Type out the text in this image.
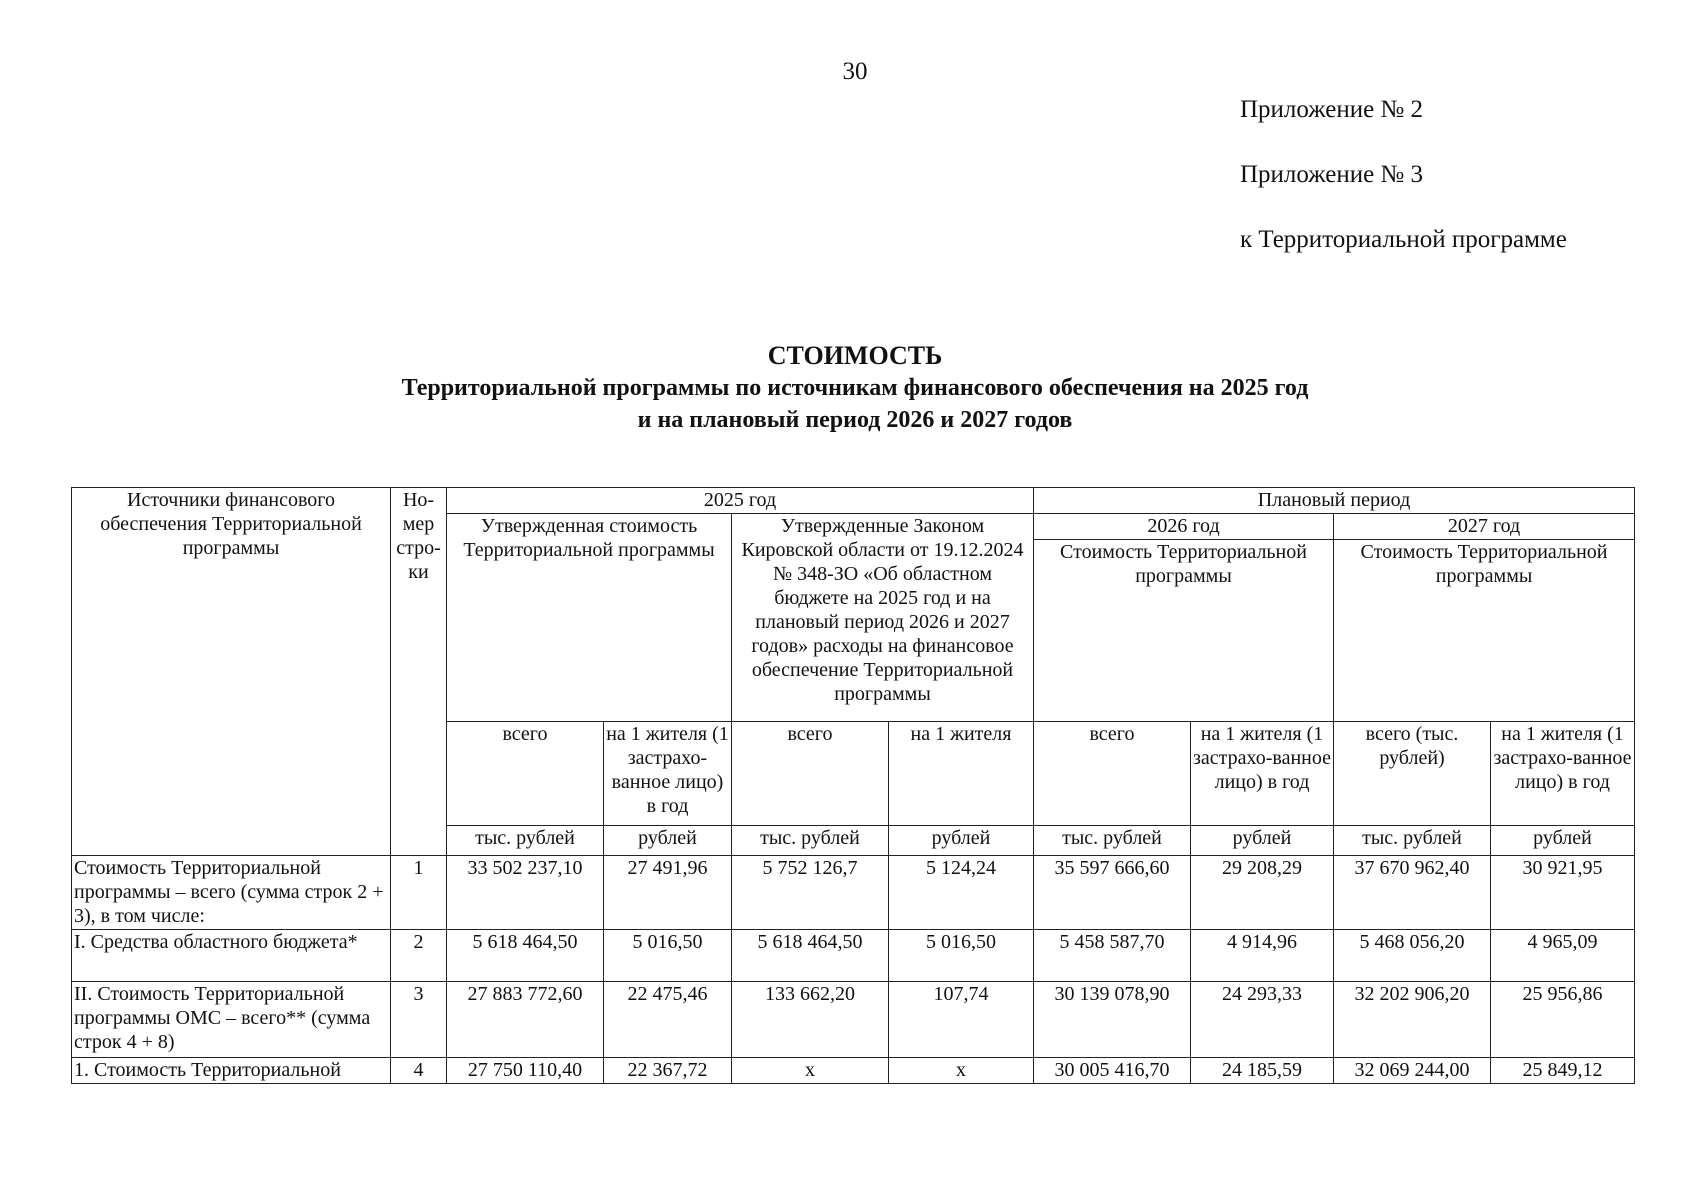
30
Приложение № 2
Приложение № 3
к Территориальной программе
СТОИМОСТЬ
Территориальной программы по источникам финансового обеспечения на 2025 год
и на плановый период 2026 и 2027 годов
Источники финансового обеспечения Территориальной программы	Но-мер стро-ки	2025 год				Плановый период			
		Утвержденная стоимость Территориальной программы		Утвержденные Законом Кировской области от 19.12.2024 № 348-ЗО «Об областном бюджете на 2025 год и на плановый период 2026 и 2027 годов» расходы на финансовое обеспечение Территориальной программы		2026 год		2027 год	
						Стоимость Территориальной программы		Стоимость Территориальной программы	
		всего	на 1 жителя (1 застрахо-ванное лицо) в год	всего	на 1 жителя	всего	на 1 жителя (1 застрахо-ванное лицо) в год	всего (тыс. рублей)	на 1 жителя (1 застрахо-ванное лицо) в год
		тыс. рублей	рублей	тыс. рублей	рублей	тыс. рублей	рублей	тыс. рублей	рублей
Стоимость Территориальной программы – всего (сумма строк 2 + 3), в том числе:	1	33 502 237,10	27 491,96	5 752 126,7	5 124,24	35 597 666,60	29 208,29	37 670 962,40	30 921,95
I. Средства областного бюджета*	2	5 618 464,50	5 016,50	5 618 464,50	5 016,50	5 458 587,70	4 914,96	5 468 056,20	4 965,09
II. Стоимость Территориальной программы ОМС – всего** (сумма строк 4 + 8)	3	27 883 772,60	22 475,46	133 662,20	107,74	30 139 078,90	24 293,33	32 202 906,20	25 956,86
1. Стоимость Территориальной	4	27 750 110,40	22 367,72	х	х	30 005 416,70	24 185,59	32 069 244,00	25 849,12
